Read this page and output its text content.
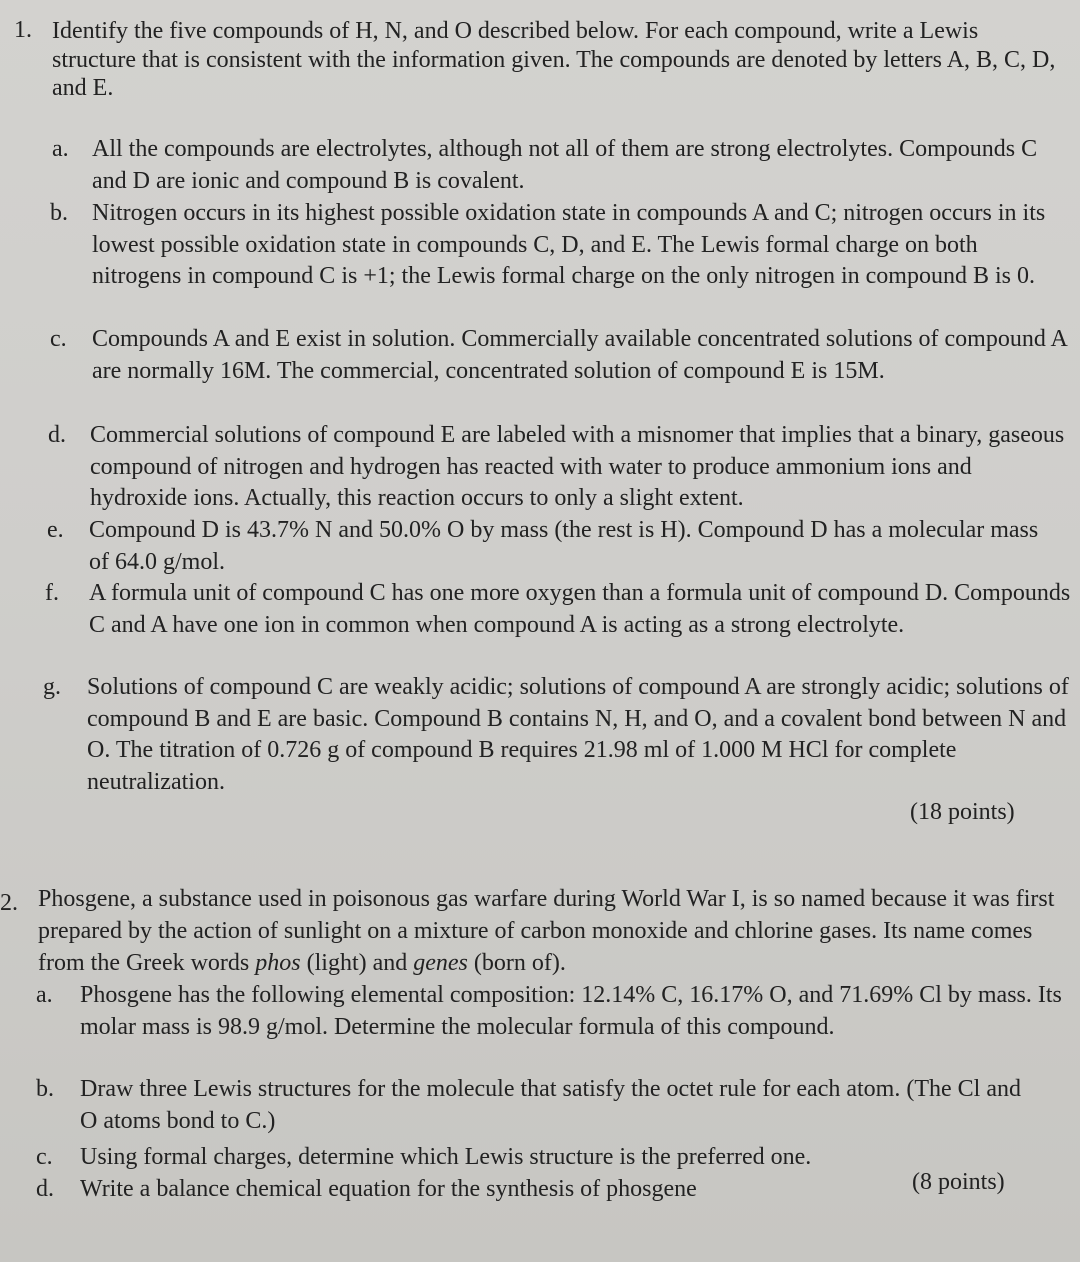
1. Identify the five compounds of H, N, and O described below. For each compound, write a Lewis structure that is consistent with the information given. The compounds are denoted by letters A, B, C, D, and E.

a. All the compounds are electrolytes, although not all of them are strong electrolytes. Compounds C and D are ionic and compound B is covalent.

b.	Nitrogen occurs in its highest possible oxidation state in compounds A and C; nitrogen occurs in its lowest possible oxidation state in compounds C, D, and E. The Lewis formal charge on both nitrogens in compound C is +1; the Lewis formal charge on the only nitrogen in compound B is 0.

c.	Compounds A and E exist in solution. Commercially available concentrated solutions of compound A are normally 16M. The commercial, concentrated solution of compound E is 15M.

d.	Commercial solutions of compound E are labeled with a misnomer that implies that a binary, gaseous compound of nitrogen and hydrogen has reacted with water to produce ammonium ions and hydroxide ions. Actually, this reaction occurs to only a slight extent.

e.	Compound D is 43.7% N and 50.0% O by mass (the rest is H). Compound D has a molecular mass of 64.0 g/mol.

f.	A formula unit of compound C has one more oxygen than a formula unit of compound D. Compounds C and A have one ion in common when compound A is acting as a strong electrolyte.

g.	Solutions of compound C are weakly acidic; solutions of compound A are strongly acidic; solutions of compound B and E are basic. Compound B contains N, H, and O, and a covalent bond between N and O. The titration of 0.726 g of compound B requires 21.98 ml of 1.000 M HCl for complete neutralization.

(18 points)
2. Phosgene, a substance used in poisonous gas warfare during World War I, is so named because it was first prepared by the action of sunlight on a mixture of carbon monoxide and chlorine gases. Its name comes from the Greek words phos (light) and genes (born of).

a.	Phosgene has the following elemental composition: 12.14% C, 16.17% O, and 71.69% Cl by mass. Its molar mass is 98.9 g/mol. Determine the molecular formula of this compound.

b.	Draw three Lewis structures for the molecule that satisfy the octet rule for each atom. (The Cl and O atoms bond to C.)

c.	Using formal charges, determine which Lewis structure is the preferred one.

d.	Write a balance chemical equation for the synthesis of phosgene	(8 points)
